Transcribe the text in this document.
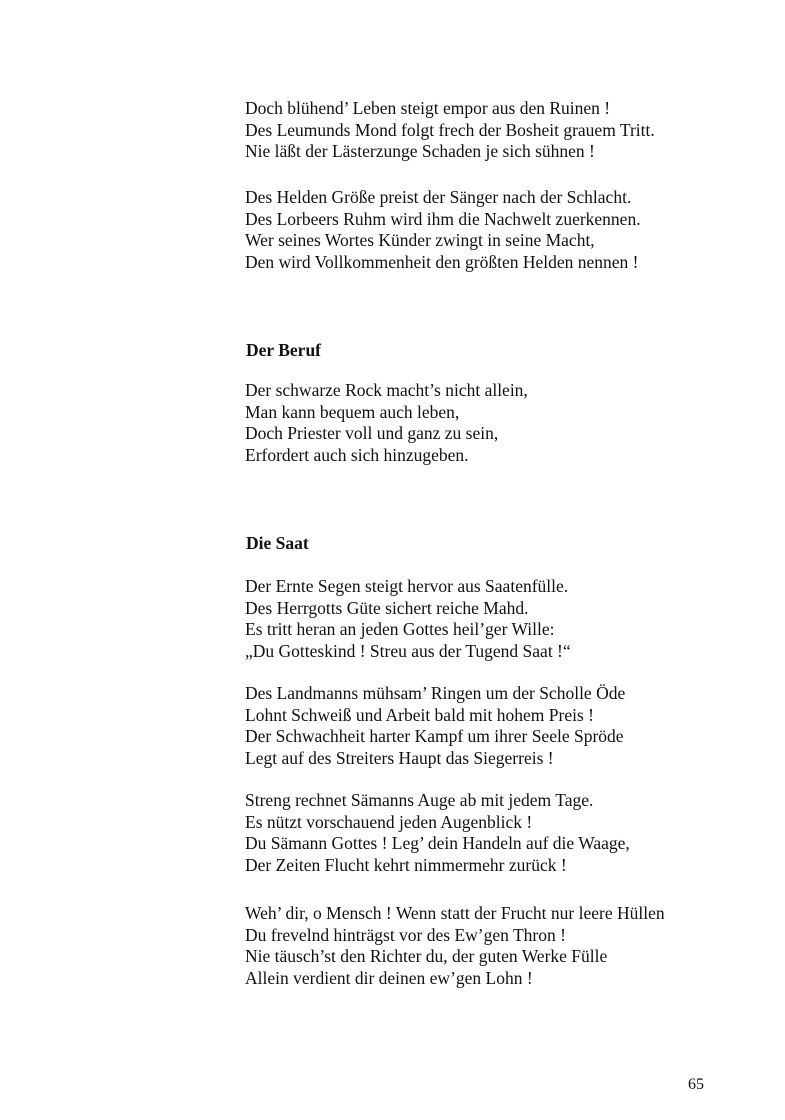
Doch blühend’ Leben steigt empor aus den Ruinen !
Des Leumunds Mond folgt frech der Bosheit grauem Tritt.
Nie läßt der Lästerzunge Schaden je sich sühnen !
Des Helden Größe preist der Sänger nach der Schlacht.
Des Lorbeers Ruhm wird ihm die Nachwelt zuerkennen.
Wer seines Wortes Künder zwingt in seine Macht,
Den wird Vollkommenheit den größten Helden nennen !
Der Beruf
Der schwarze Rock macht’s nicht allein,
Man kann bequem auch leben,
Doch Priester voll und ganz zu sein,
Erfordert auch sich hinzugeben.
Die Saat
Der Ernte Segen steigt hervor aus Saatenfülle.
Des Herrgotts Güte sichert reiche Mahd.
Es tritt heran an jeden Gottes heil’ger Wille:
„Du Gotteskind ! Streu aus der Tugend Saat !“
Des Landmanns mühsam’ Ringen um der Scholle Öde
Lohnt Schweiß und Arbeit bald mit hohem Preis !
Der Schwachheit harter Kampf um ihrer Seele Spröde
Legt auf des Streiters Haupt das Siegerreis !
Streng rechnet Sämanns Auge ab mit jedem Tage.
Es nützt vorschauend jeden Augenblick !
Du Sämann Gottes ! Leg’ dein Handeln auf die Waage,
Der Zeiten Flucht kehrt nimmermehr zurück !
Weh’ dir, o Mensch ! Wenn statt der Frucht nur leere Hüllen
Du frevelnd hinträgst vor des Ew’gen Thron !
Nie täusch’st den Richter du, der guten Werke Fülle
Allein verdient dir deinen ew’gen Lohn !
65
